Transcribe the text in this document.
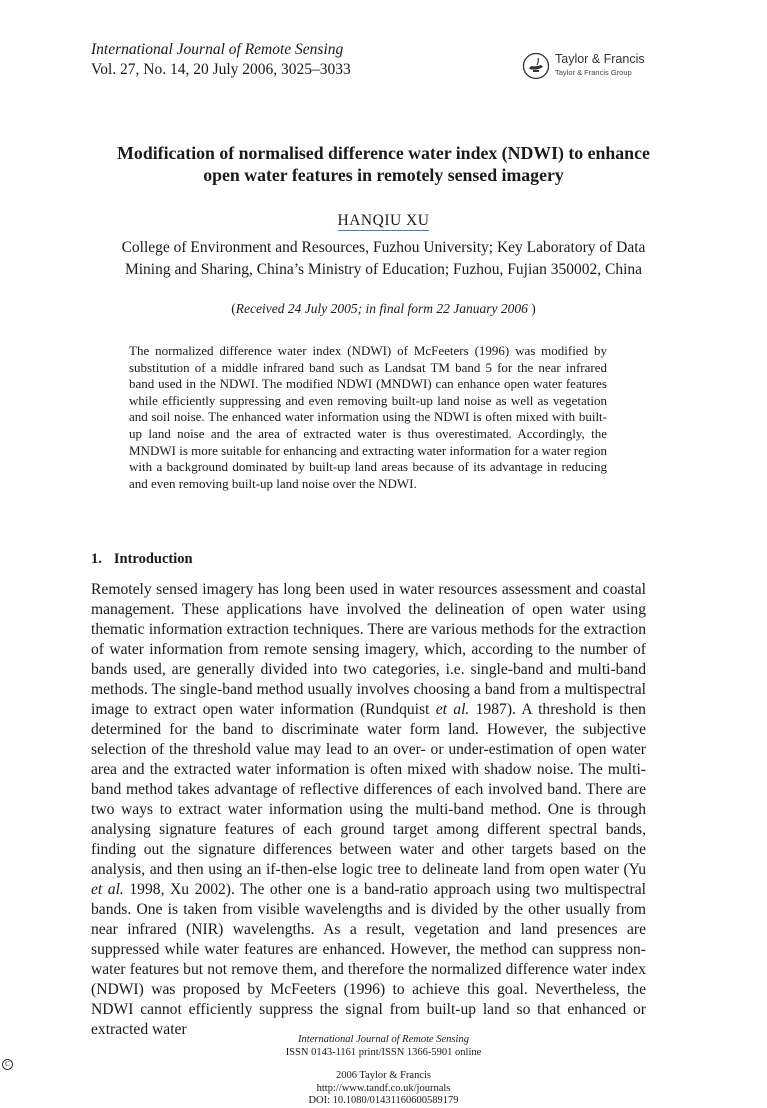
International Journal of Remote Sensing
Vol. 27, No. 14, 20 July 2006, 3025–3033
Taylor & Francis
Taylor & Francis Group
Modification of normalised difference water index (NDWI) to enhance
open water features in remotely sensed imagery
HANQIU XU
College of Environment and Resources, Fuzhou University; Key Laboratory of Data
Mining and Sharing, China’s Ministry of Education; Fuzhou, Fujian 350002, China
(Received 24 July 2005; in final form 22 January 2006 )
The normalized difference water index (NDWI) of McFeeters (1996) was modified by substitution of a middle infrared band such as Landsat TM band 5 for the near infrared band used in the NDWI. The modified NDWI (MNDWI) can enhance open water features while efficiently suppressing and even removing built-up land noise as well as vegetation and soil noise. The enhanced water information using the NDWI is often mixed with built-up land noise and the area of extracted water is thus overestimated. Accordingly, the MNDWI is more suitable for enhancing and extracting water information for a water region with a background dominated by built-up land areas because of its advantage in reducing and even removing built-up land noise over the NDWI.
1. Introduction
Remotely sensed imagery has long been used in water resources assessment and coastal management. These applications have involved the delineation of open water using thematic information extraction techniques. There are various methods for the extraction of water information from remote sensing imagery, which, according to the number of bands used, are generally divided into two categories, i.e. single-band and multi-band methods. The single-band method usually involves choosing a band from a multispectral image to extract open water information (Rundquist et al. 1987). A threshold is then determined for the band to discriminate water form land. However, the subjective selection of the threshold value may lead to an over- or under-estimation of open water area and the extracted water information is often mixed with shadow noise. The multi-band method takes advantage of reflective differences of each involved band. There are two ways to extract water information using the multi-band method. One is through analysing signature features of each ground target among different spectral bands, finding out the signature differences between water and other targets based on the analysis, and then using an if-then-else logic tree to delineate land from open water (Yu et al. 1998, Xu 2002). The other one is a band-ratio approach using two multispectral bands. One is taken from visible wavelengths and is divided by the other usually from near infrared (NIR) wavelengths. As a result, vegetation and land presences are suppressed while water features are enhanced. However, the method can suppress non-water features but not remove them, and therefore the normalized difference water index (NDWI) was proposed by McFeeters (1996) to achieve this goal. Nevertheless, the NDWI cannot efficiently suppress the signal from built-up land so that enhanced or extracted water
International Journal of Remote Sensing
ISSN 0143-1161 print/ISSN 1366-5901 online
C
2006 Taylor & Francis
http://www.tandf.co.uk/journals
DOI: 10.1080/01431160600589179
